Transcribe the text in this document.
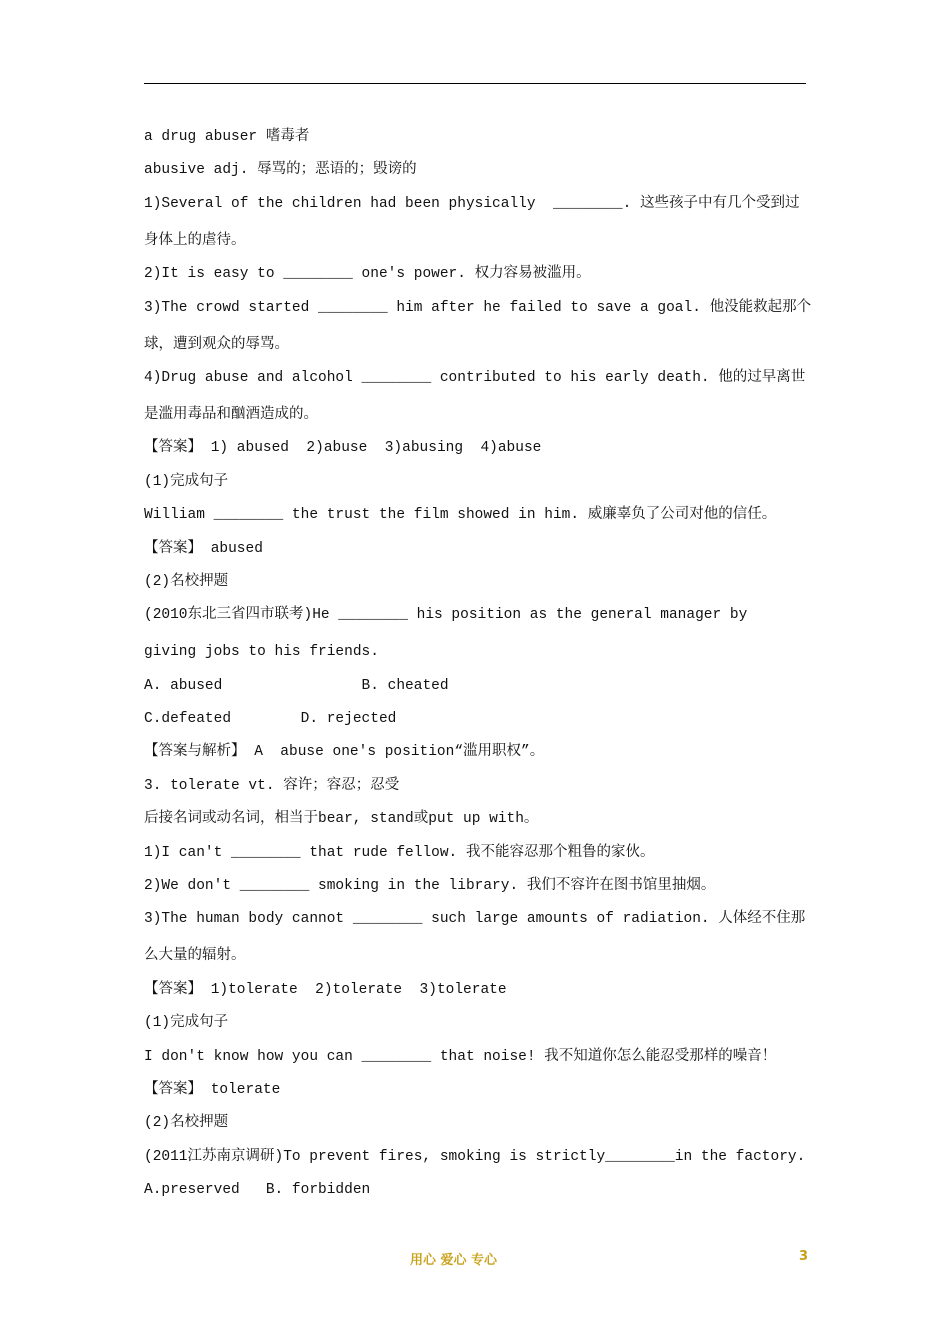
a drug abuser 嗜毒者
abusive adj. 辱骂的；恶语的；毁谤的
1)Several of the children had been physically  ________. 这些孩子中有几个受到过
身体上的虐待。
2)It is easy to ________ one's power. 权力容易被滥用。
3)The crowd started ________ him after he failed to save a goal. 他没能救起那个
球，遭到观众的辱骂。
4)Drug abuse and alcohol ________ contributed to his early death. 他的过早离世
是滥用毒品和酗酒造成的。
【答案】 1) abused  2)abuse  3)abusing  4)abuse
(1)完成句子
William ________ the trust the film showed in him. 威廉辜负了公司对他的信任。
【答案】 abused
(2)名校押题
(2010东北三省四市联考)He ________ his position as the general manager by
giving jobs to his friends.
A. abused                B. cheated
C.defeated        D. rejected
【答案与解析】 A  abuse one's position“滥用职权”。
3. tolerate vt. 容许；容忍；忍受
后接名词或动名词，相当于bear, stand或put up with。
1)I can't ________ that rude fellow. 我不能容忍那个粗鲁的家伙。
2)We don't ________ smoking in the library. 我们不容许在图书馆里抽烟。
3)The human body cannot ________ such large amounts of radiation. 人体经不住那
么大量的辐射。
【答案】 1)tolerate  2)tolerate  3)tolerate
(1)完成句子
I don't know how you can ________ that noise! 我不知道你怎么能忍受那样的噪音！
【答案】 tolerate
(2)名校押题
(2011江苏南京调研)To prevent fires, smoking is strictly________in the factory.
A.preserved   B. forbidden
用心 爱心 专心	3
